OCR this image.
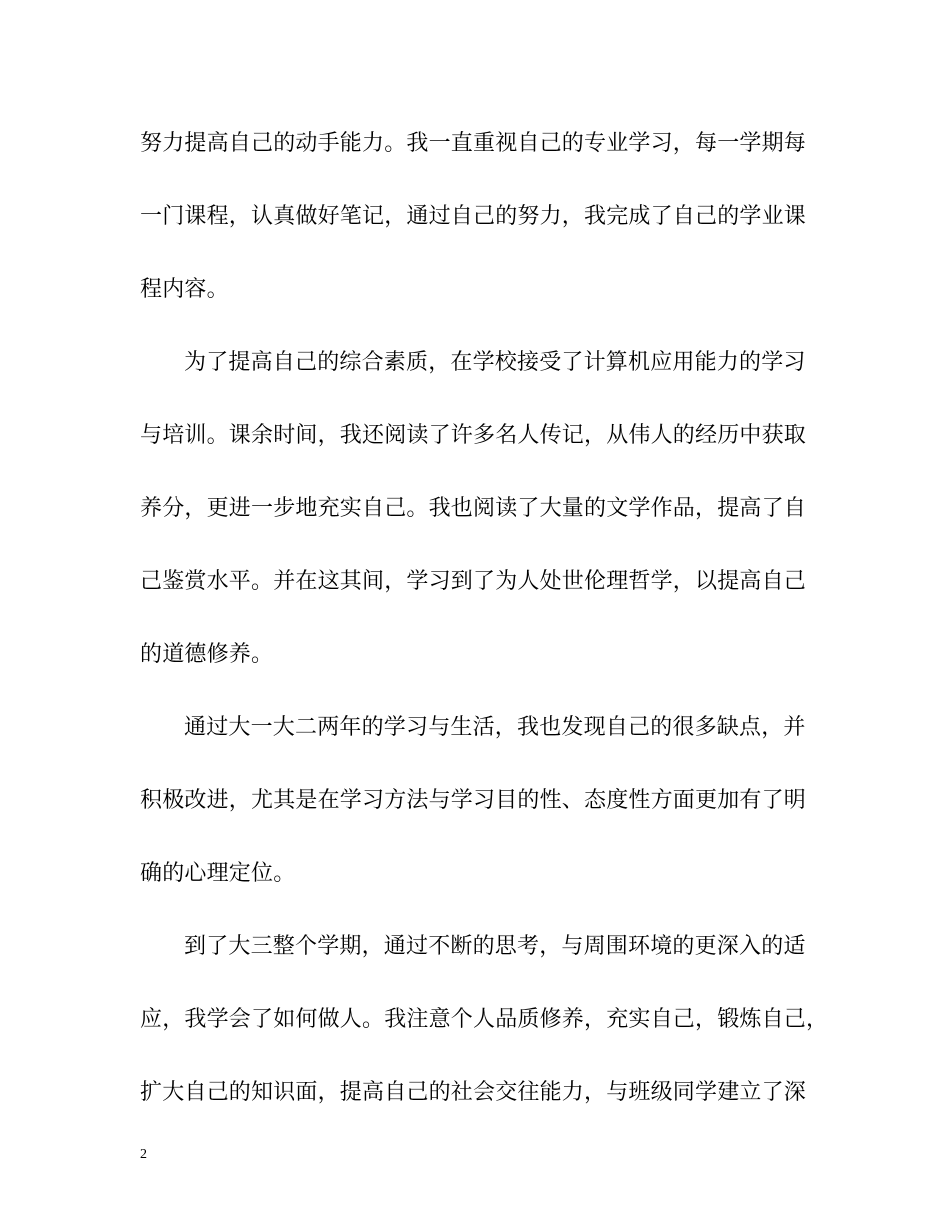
努力提高自己的动手能力。我一直重视自己的专业学习，每一学期每
一门课程，认真做好笔记，通过自己的努力，我完成了自己的学业课
程内容。
为了提高自己的综合素质，在学校接受了计算机应用能力的学习
与培训。课余时间，我还阅读了许多名人传记，从伟人的经历中获取
养分，更进一步地充实自己。我也阅读了大量的文学作品，提高了自
己鉴赏水平。并在这其间，学习到了为人处世伦理哲学，以提高自己
的道德修养。
通过大一大二两年的学习与生活，我也发现自己的很多缺点，并
积极改进，尤其是在学习方法与学习目的性、态度性方面更加有了明
确的心理定位。
到了大三整个学期，通过不断的思考，与周围环境的更深入的适
应，我学会了如何做人。我注意个人品质修养，充实自己，锻炼自己，
扩大自己的知识面，提高自己的社会交往能力，与班级同学建立了深
2
